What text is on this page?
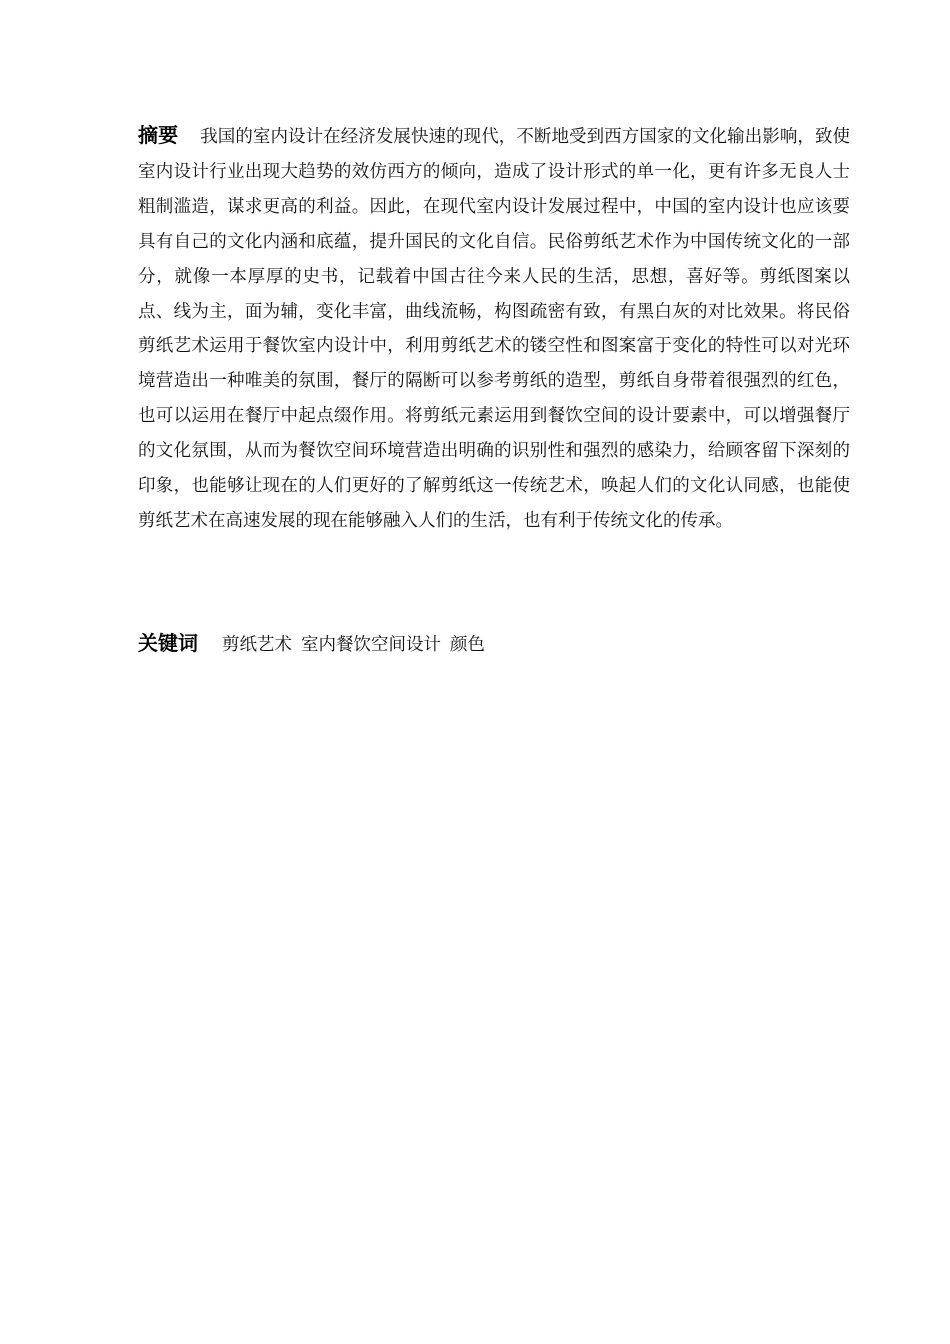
摘要 我国的室内设计在经济发展快速的现代，不断地受到西方国家的文化输出影响，致使室内设计行业出现大趋势的效仿西方的倾向，造成了设计形式的单一化，更有许多无良人士粗制滥造，谋求更高的利益。因此，在现代室内设计发展过程中，中国的室内设计也应该要具有自己的文化内涵和底蕴，提升国民的文化自信。民俗剪纸艺术作为中国传统文化的一部分，就像一本厚厚的史书，记载着中国古往今来人民的生活，思想，喜好等。剪纸图案以点、线为主，面为辅，变化丰富，曲线流畅，构图疏密有致，有黑白灰的对比效果。将民俗剪纸艺术运用于餐饮室内设计中，利用剪纸艺术的镂空性和图案富于变化的特性可以对光环境营造出一种唯美的氛围，餐厅的隔断可以参考剪纸的造型，剪纸自身带着很强烈的红色，也可以运用在餐厅中起点缀作用。将剪纸元素运用到餐饮空间的设计要素中，可以增强餐厅的文化氛围，从而为餐饮空间环境营造出明确的识别性和强烈的感染力，给顾客留下深刻的印象，也能够让现在的人们更好的了解剪纸这一传统艺术，唤起人们的文化认同感，也能使剪纸艺术在高速发展的现在能够融入人们的生活，也有利于传统文化的传承。

关键词 剪纸艺术 室内餐饮空间设计 颜色
